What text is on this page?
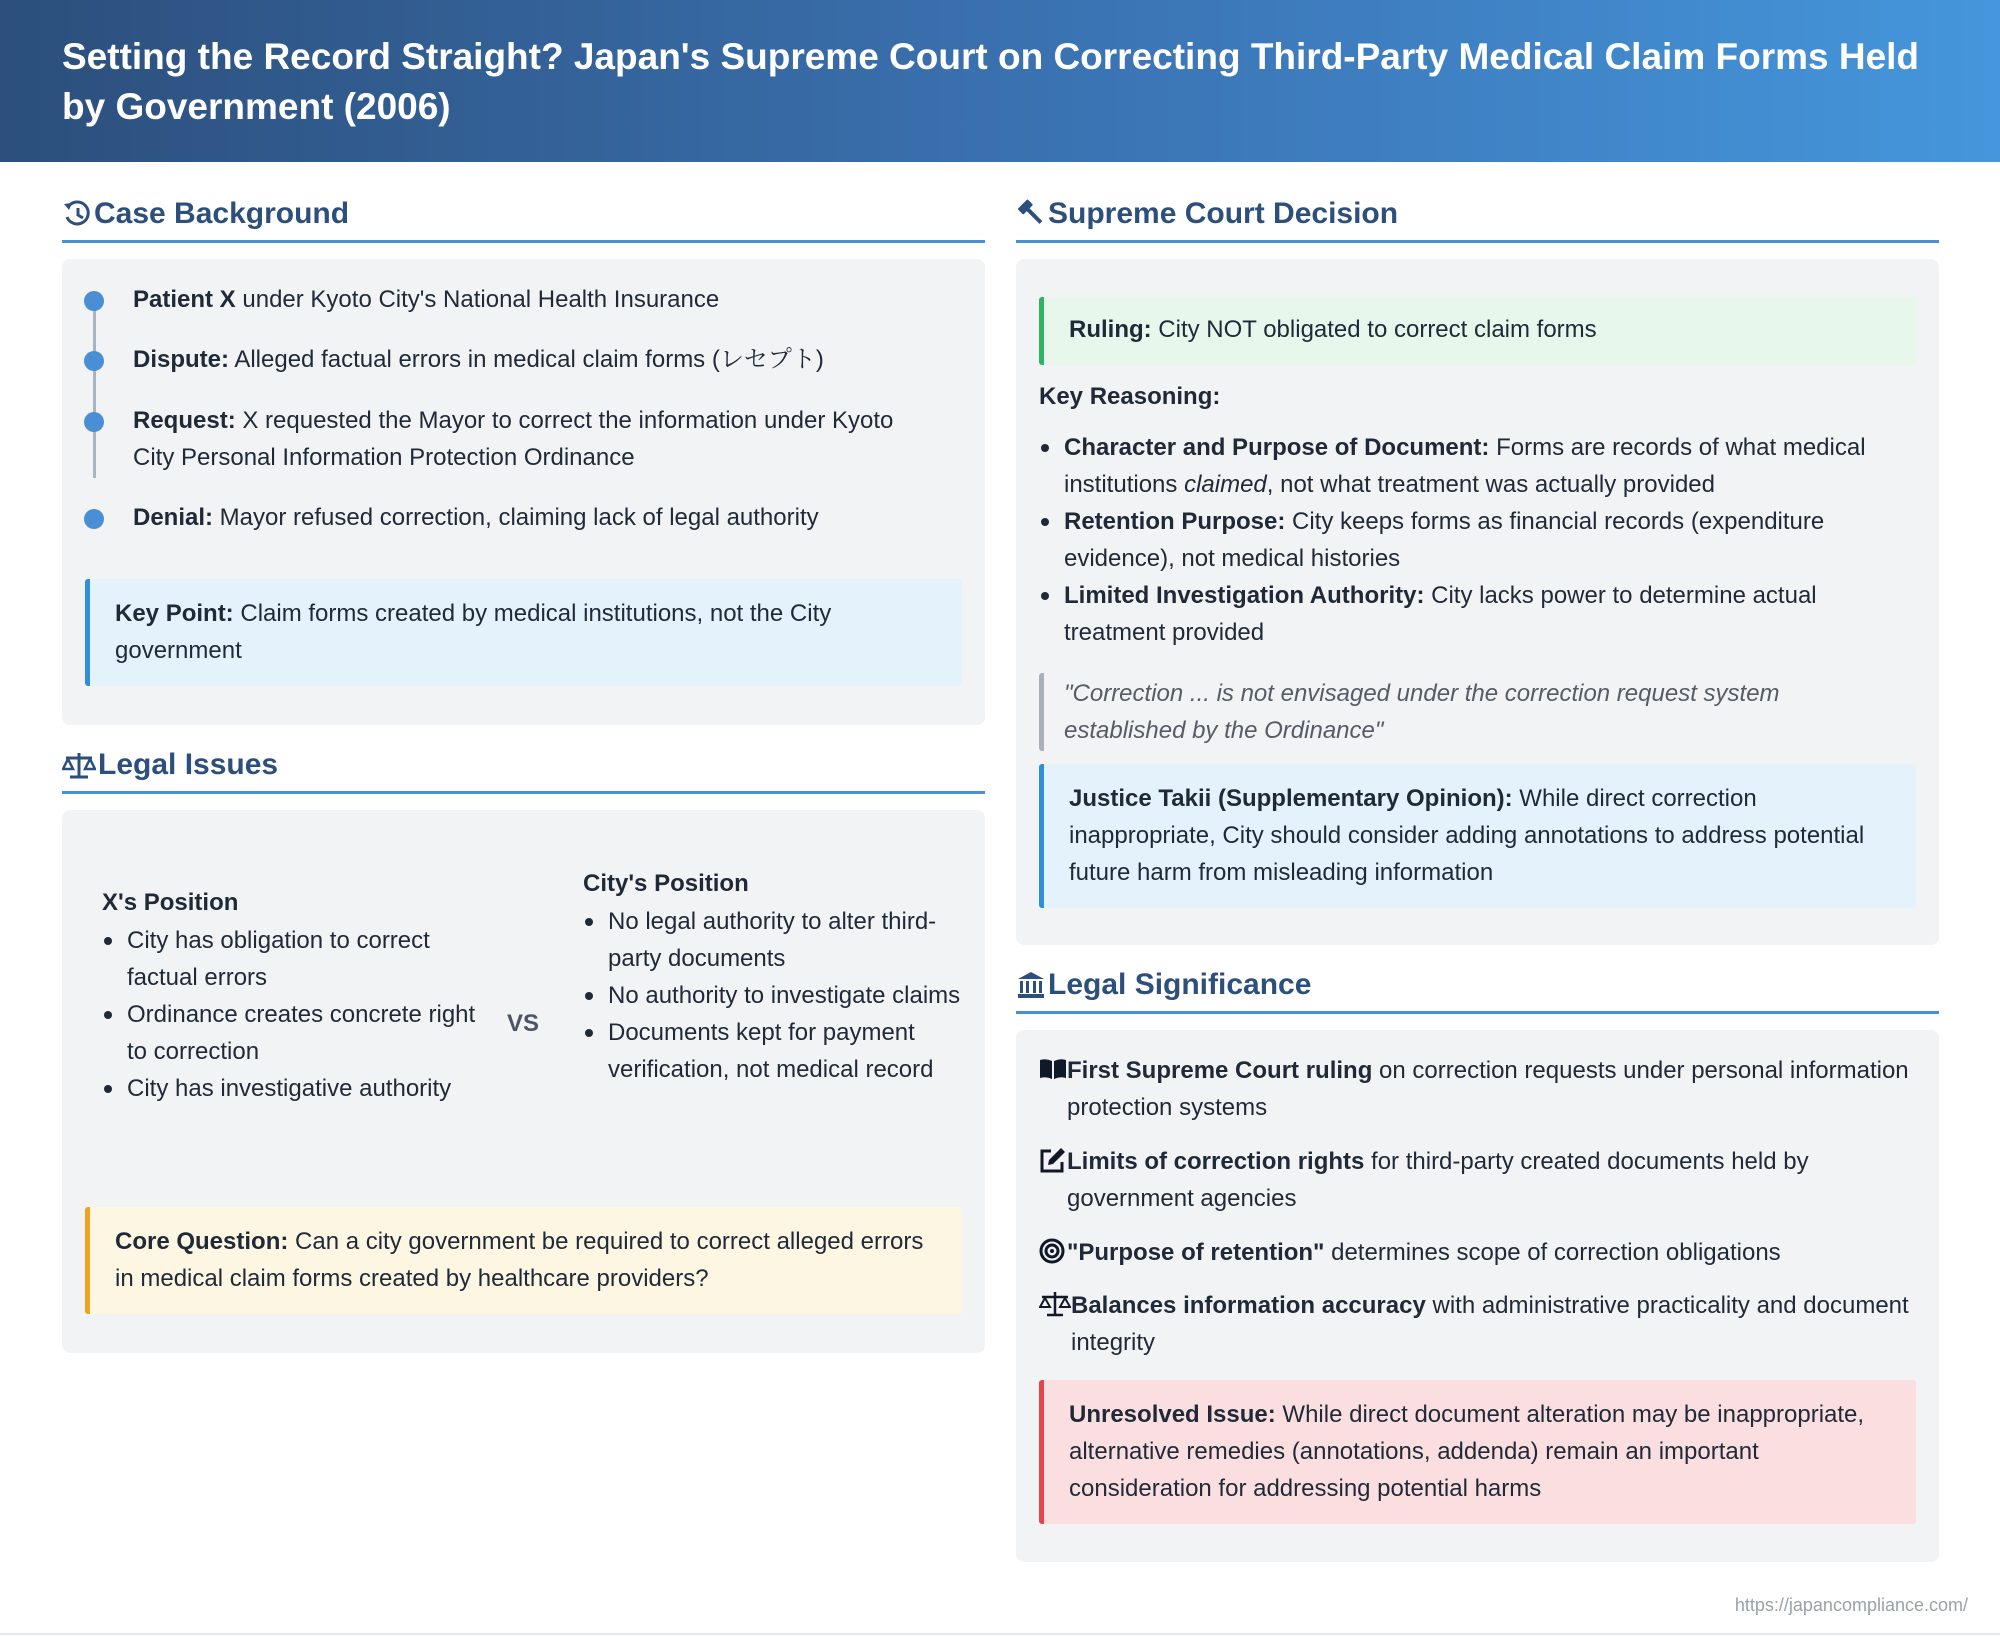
Setting the Record Straight? Japan's Supreme Court on Correcting Third-Party Medical Claim Forms Held by Government (2006)
Case Background
Patient X under Kyoto City's National Health Insurance
Dispute: Alleged factual errors in medical claim forms (レセプト)
Request: X requested the Mayor to correct the information under Kyoto City Personal Information Protection Ordinance
Denial: Mayor refused correction, claiming lack of legal authority
Key Point: Claim forms created by medical institutions, not the City government
Legal Issues
X's Position
City has obligation to correct factual errors
Ordinance creates concrete right to correction
City has investigative authority
VS
City's Position
No legal authority to alter third-party documents
No authority to investigate claims
Documents kept for payment verification, not medical record
Core Question: Can a city government be required to correct alleged errors in medical claim forms created by healthcare providers?
Supreme Court Decision
Ruling: City NOT obligated to correct claim forms
Key Reasoning:
Character and Purpose of Document: Forms are records of what medical institutions claimed, not what treatment was actually provided
Retention Purpose: City keeps forms as financial records (expenditure evidence), not medical histories
Limited Investigation Authority: City lacks power to determine actual treatment provided
"Correction ... is not envisaged under the correction request system established by the Ordinance"
Justice Takii (Supplementary Opinion): While direct correction inappropriate, City should consider adding annotations to address potential future harm from misleading information
Legal Significance
First Supreme Court ruling on correction requests under personal information protection systems
Limits of correction rights for third-party created documents held by government agencies
"Purpose of retention" determines scope of correction obligations
Balances information accuracy with administrative practicality and document integrity
Unresolved Issue: While direct document alteration may be inappropriate, alternative remedies (annotations, addenda) remain an important consideration for addressing potential harms
https://japancompliance.com/
